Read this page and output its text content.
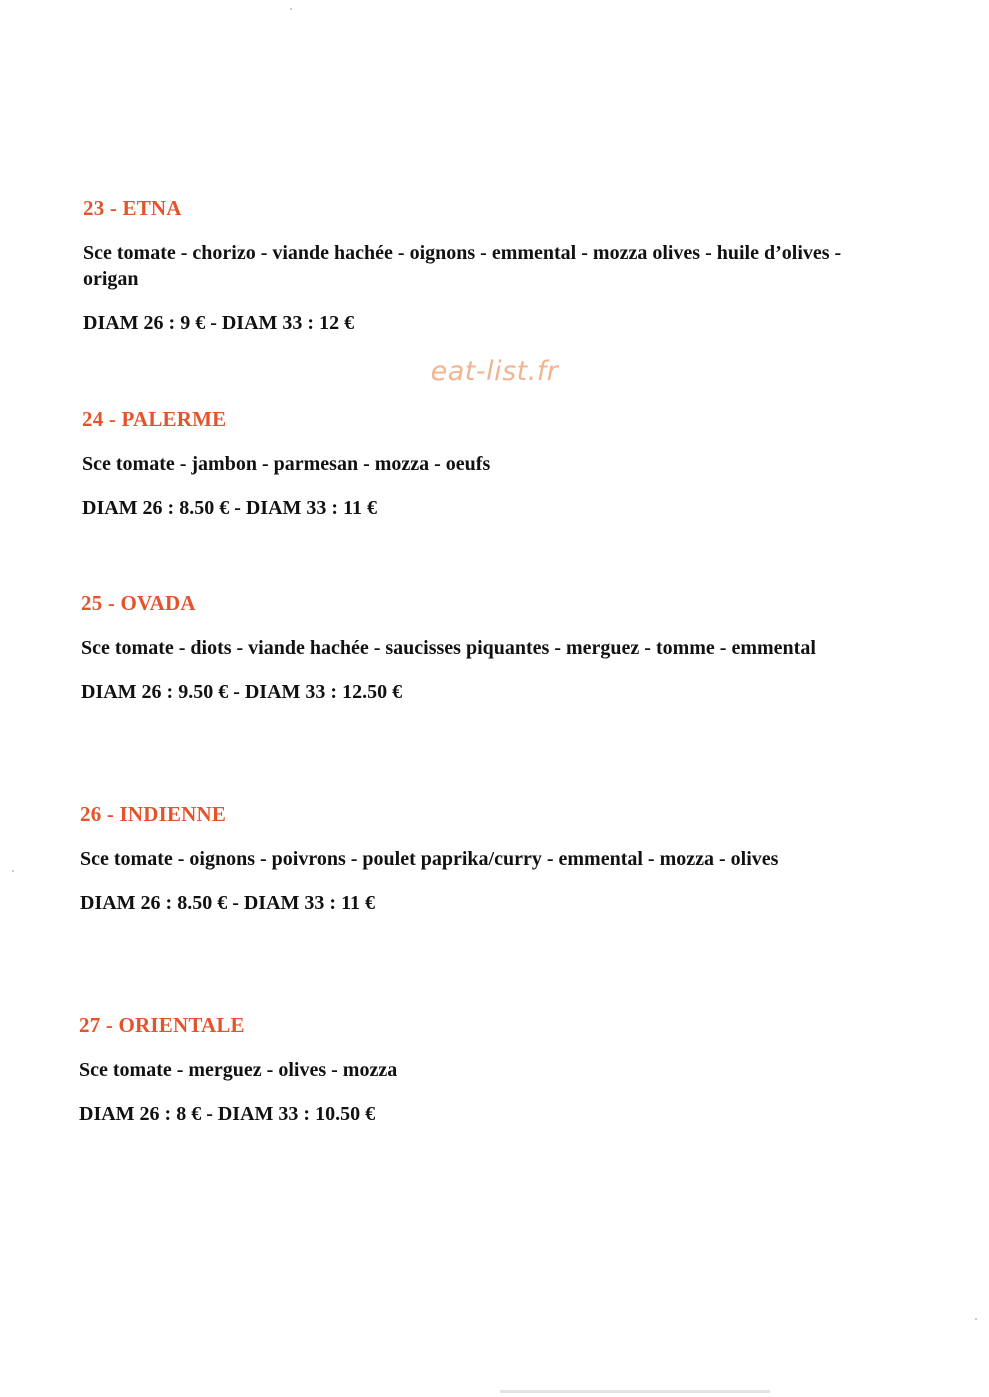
eat-list.fr
23 - ETNA

Sce tomate - chorizo - viande hachée - oignons - emmental - mozza olives - huile d’olives - origan

DIAM 26 : 9 € - DIAM 33 : 12 €

24 - PALERME

Sce tomate - jambon - parmesan - mozza - oeufs

DIAM 26 : 8.50 € - DIAM 33 : 11 €

25 - OVADA

Sce tomate - diots - viande hachée - saucisses piquantes - merguez - tomme - emmental

DIAM 26 : 9.50 € - DIAM 33 : 12.50 €

26 - INDIENNE

Sce tomate - oignons - poivrons - poulet paprika/curry - emmental - mozza - olives

DIAM 26 : 8.50 € - DIAM 33 : 11 €

27 - ORIENTALE

Sce tomate - merguez - olives - mozza

DIAM 26 : 8 € - DIAM 33 : 10.50 €
